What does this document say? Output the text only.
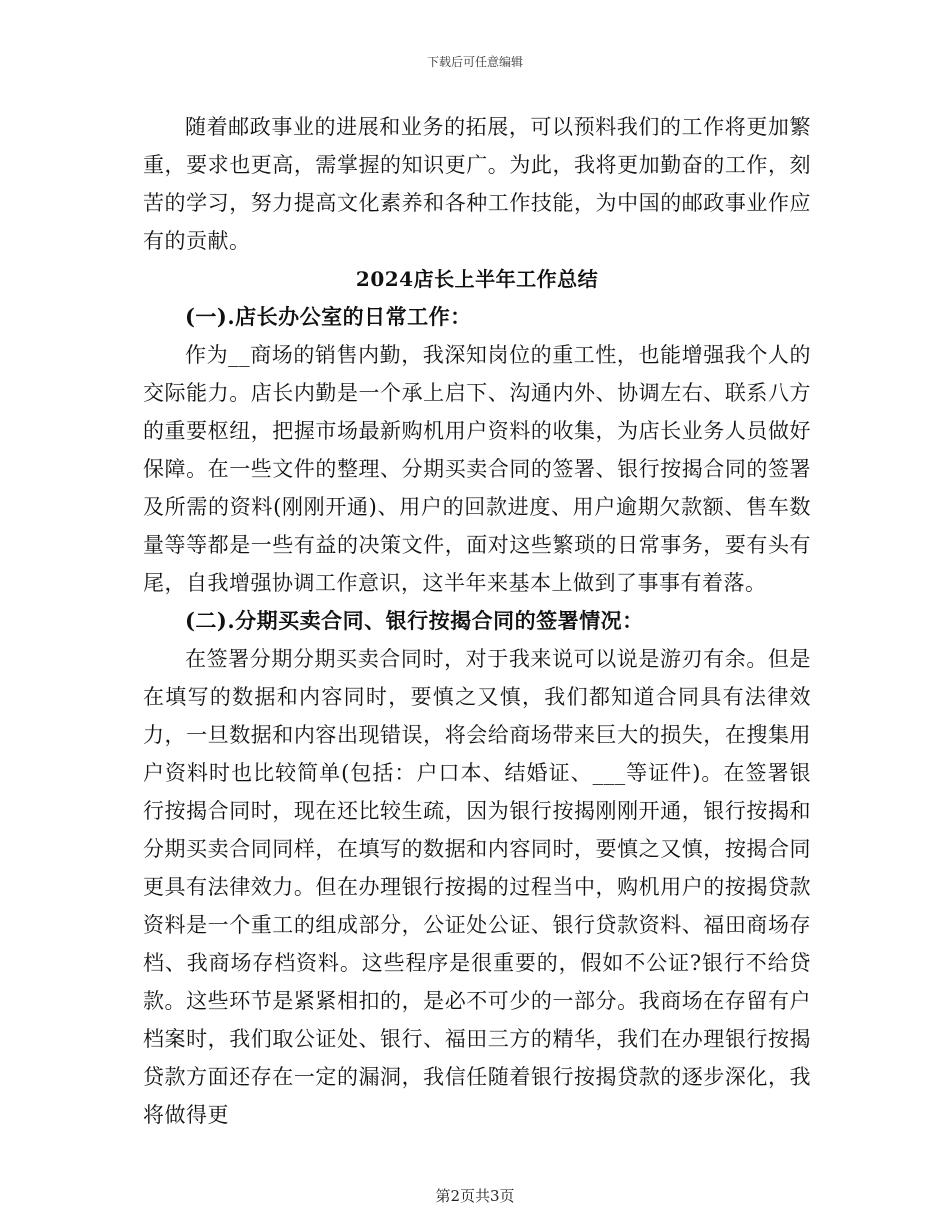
下载后可任意编辑

随着邮政事业的进展和业务的拓展，可以预料我们的工作将更加繁重，要求也更高，需掌握的知识更广。为此，我将更加勤奋的工作，刻苦的学习，努力提高文化素养和各种工作技能，为中国的邮政事业作应有的贡献。

2024店长上半年工作总结

(一).店长办公室的日常工作：

作为__商场的销售内勤，我深知岗位的重工性，也能增强我个人的交际能力。店长内勤是一个承上启下、沟通内外、协调左右、联系八方的重要枢纽，把握市场最新购机用户资料的收集，为店长业务人员做好保障。在一些文件的整理、分期买卖合同的签署、银行按揭合同的签署及所需的资料(刚刚开通)、用户的回款进度、用户逾期欠款额、售车数量等等都是一些有益的决策文件，面对这些繁琐的日常事务，要有头有尾，自我增强协调工作意识，这半年来基本上做到了事事有着落。

(二).分期买卖合同、银行按揭合同的签署情况：

在签署分期分期买卖合同时，对于我来说可以说是游刃有余。但是在填写的数据和内容同时，要慎之又慎，我们都知道合同具有法律效力，一旦数据和内容出现错误，将会给商场带来巨大的损失，在搜集用户资料时也比较简单(包括：户口本、结婚证、___等证件)。在签署银行按揭合同时，现在还比较生疏，因为银行按揭刚刚开通，银行按揭和分期买卖合同同样，在填写的数据和内容同时，要慎之又慎，按揭合同更具有法律效力。但在办理银行按揭的过程当中，购机用户的按揭贷款资料是一个重工的组成部分，公证处公证、银行贷款资料、福田商场存档、我商场存档资料。这些程序是很重要的，假如不公证?银行不给贷款。这些环节是紧紧相扣的，是必不可少的一部分。我商场在存留有户档案时，我们取公证处、银行、福田三方的精华，我们在办理银行按揭贷款方面还存在一定的漏洞，我信任随着银行按揭贷款的逐步深化，我将做得更

第2页共3页
